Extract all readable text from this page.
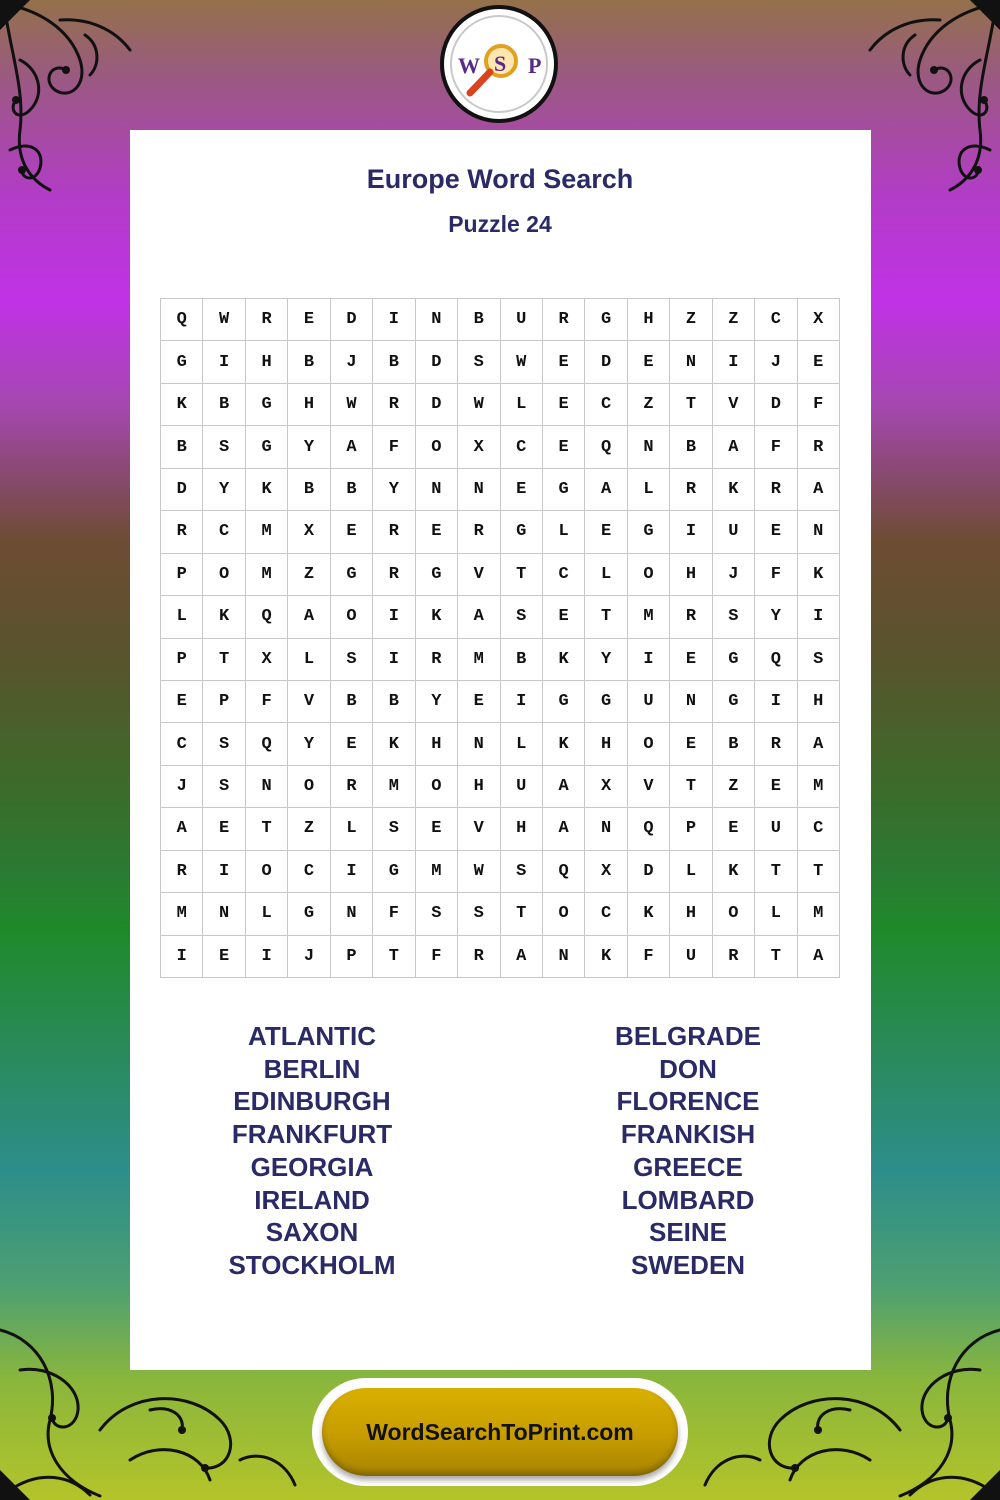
W S P
Europe Word Search
Puzzle 24
Q	W	R	E	D	I	N	B	U	R	G	H	Z	Z	C	X
G	I	H	B	J	B	D	S	W	E	D	E	N	I	J	E
K	B	G	H	W	R	D	W	L	E	C	Z	T	V	D	F
B	S	G	Y	A	F	O	X	C	E	Q	N	B	A	F	R
D	Y	K	B	B	Y	N	N	E	G	A	L	R	K	R	A
R	C	M	X	E	R	E	R	G	L	E	G	I	U	E	N
P	O	M	Z	G	R	G	V	T	C	L	O	H	J	F	K
L	K	Q	A	O	I	K	A	S	E	T	M	R	S	Y	I
P	T	X	L	S	I	R	M	B	K	Y	I	E	G	Q	S
E	P	F	V	B	B	Y	E	I	G	G	U	N	G	I	H
C	S	Q	Y	E	K	H	N	L	K	H	O	E	B	R	A
J	S	N	O	R	M	O	H	U	A	X	V	T	Z	E	M
A	E	T	Z	L	S	E	V	H	A	N	Q	P	E	U	C
R	I	O	C	I	G	M	W	S	Q	X	D	L	K	T	T
M	N	L	G	N	F	S	S	T	O	C	K	H	O	L	M
I	E	I	J	P	T	F	R	A	N	K	F	U	R	T	A
ATLANTIC
BERLIN
EDINBURGH
FRANKFURT
GEORGIA
IRELAND
SAXON
STOCKHOLM
BELGRADE
DON
FLORENCE
FRANKISH
GREECE
LOMBARD
SEINE
SWEDEN
WordSearchToPrint.com
